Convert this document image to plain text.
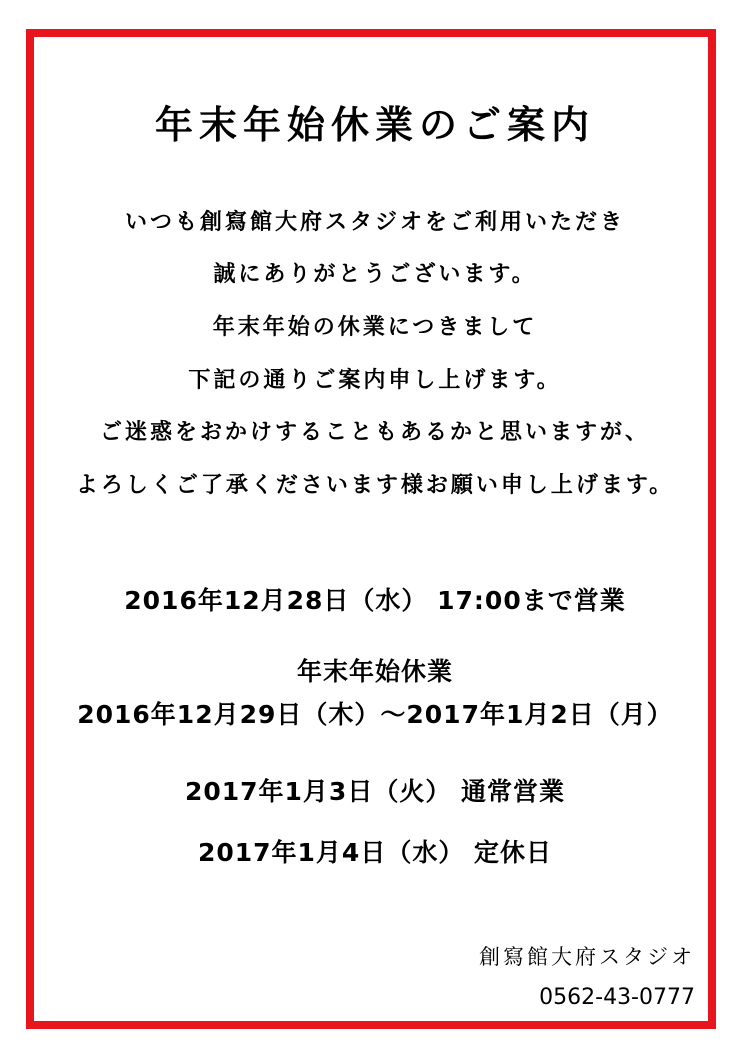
年末年始休業のご案内
いつも創寫館大府スタジオをご利用いただき
誠にありがとうございます。
年末年始の休業につきまして
下記の通りご案内申し上げます。
ご迷惑をおかけすることもあるかと思いますが、
よろしくご了承くださいます様お願い申し上げます。
2016年12月28日（水） 17:00まで営業
年末年始休業
2016年12月29日（木）〜2017年1月2日（月）
2017年1月3日（火） 通常営業
2017年1月4日（水） 定休日
創寫館大府スタジオ
0562-43-0777
